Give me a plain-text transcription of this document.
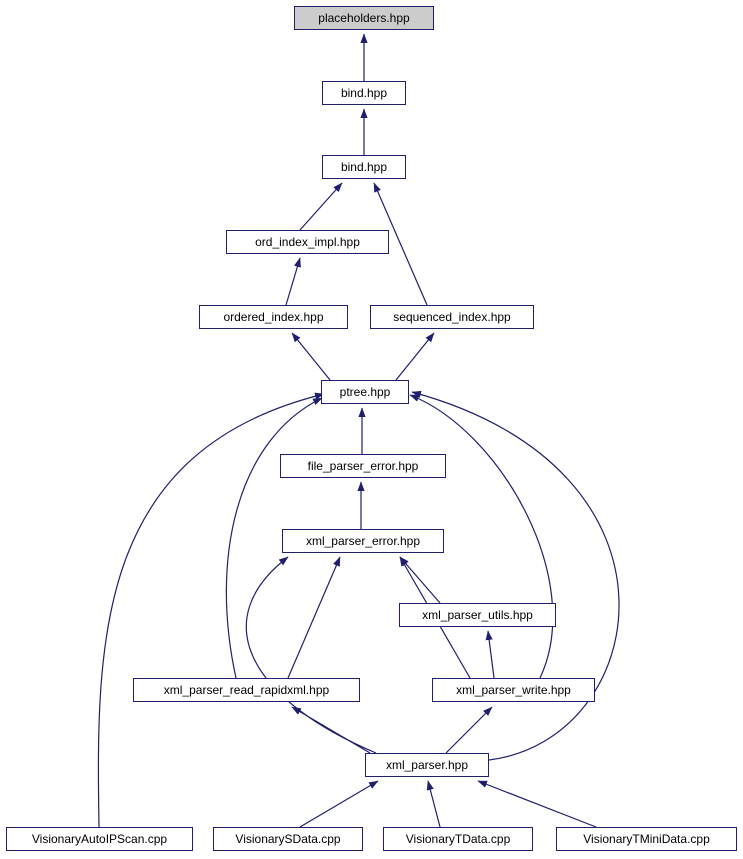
placeholders.hpp
bind.hpp
bind.hpp
ord_index_impl.hpp
ordered_index.hpp	sequenced_index.hpp
ptree.hpp
file_parser_error.hpp
xml_parser_error.hpp
xml_parser_utils.hpp
xml_parser_read_rapidxml.hpp	xml_parser_write.hpp
xml_parser.hpp
VisionaryAutoIPScan.cpp	VisionarySData.cpp	VisionaryTData.cpp	VisionaryTMiniData.cpp
